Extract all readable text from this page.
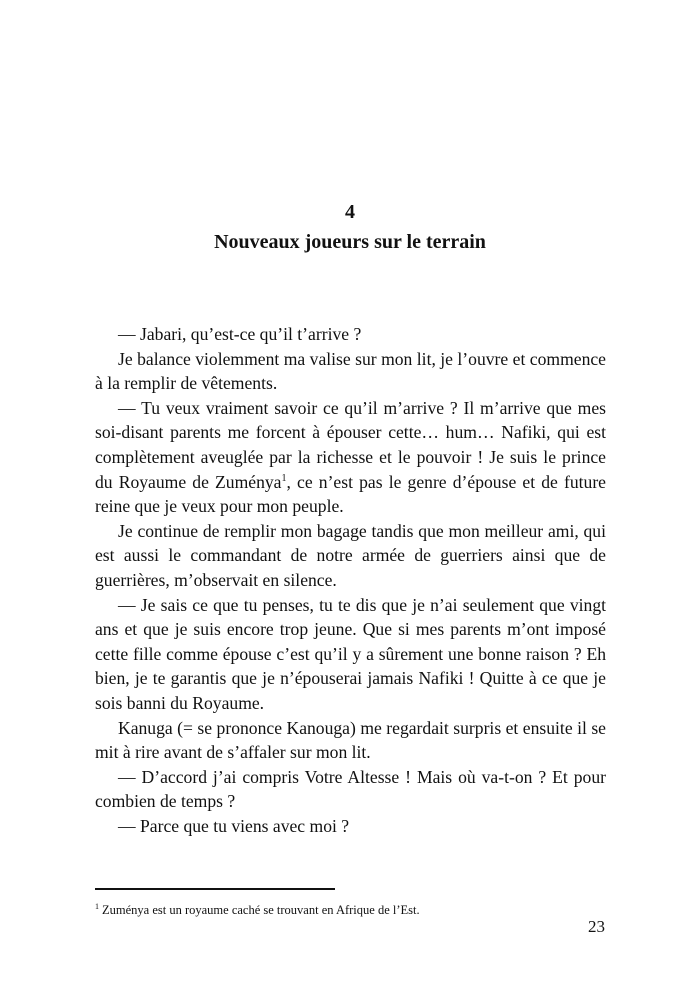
4
Nouveaux joueurs sur le terrain

— Jabari, qu’est-ce qu’il t’arrive ?

Je balance violemment ma valise sur mon lit, je l’ouvre et commence à la remplir de vêtements.

— Tu veux vraiment savoir ce qu’il m’arrive ? Il m’arrive que mes soi-disant parents me forcent à épouser cette… hum… Nafiki, qui est complètement aveuglée par la richesse et le pouvoir ! Je suis le prince du Royaume de Zuménya$^1$, ce n’est pas le genre d’épouse et de future reine que je veux pour mon peuple.

Je continue de remplir mon bagage tandis que mon meilleur ami, qui est aussi le commandant de notre armée de guerriers ainsi que de guerrières, m’observait en silence.

— Je sais ce que tu penses, tu te dis que je n’ai seulement que vingt ans et que je suis encore trop jeune. Que si mes parents m’ont imposé cette fille comme épouse c’est qu’il y a sûrement une bonne raison ? Eh bien, je te garantis que je n’épouserai jamais Nafiki ! Quitte à ce que je sois banni du Royaume.

Kanuga (= se prononce Kanouga) me regardait surpris et ensuite il se mit à rire avant de s’affaler sur mon lit.

— D’accord j’ai compris Votre Altesse ! Mais où va-t-on ? Et pour combien de temps ?

— Parce que tu viens avec moi ?

$^1$ Zuménya est un royaume caché se trouvant en Afrique de l’Est.
23
